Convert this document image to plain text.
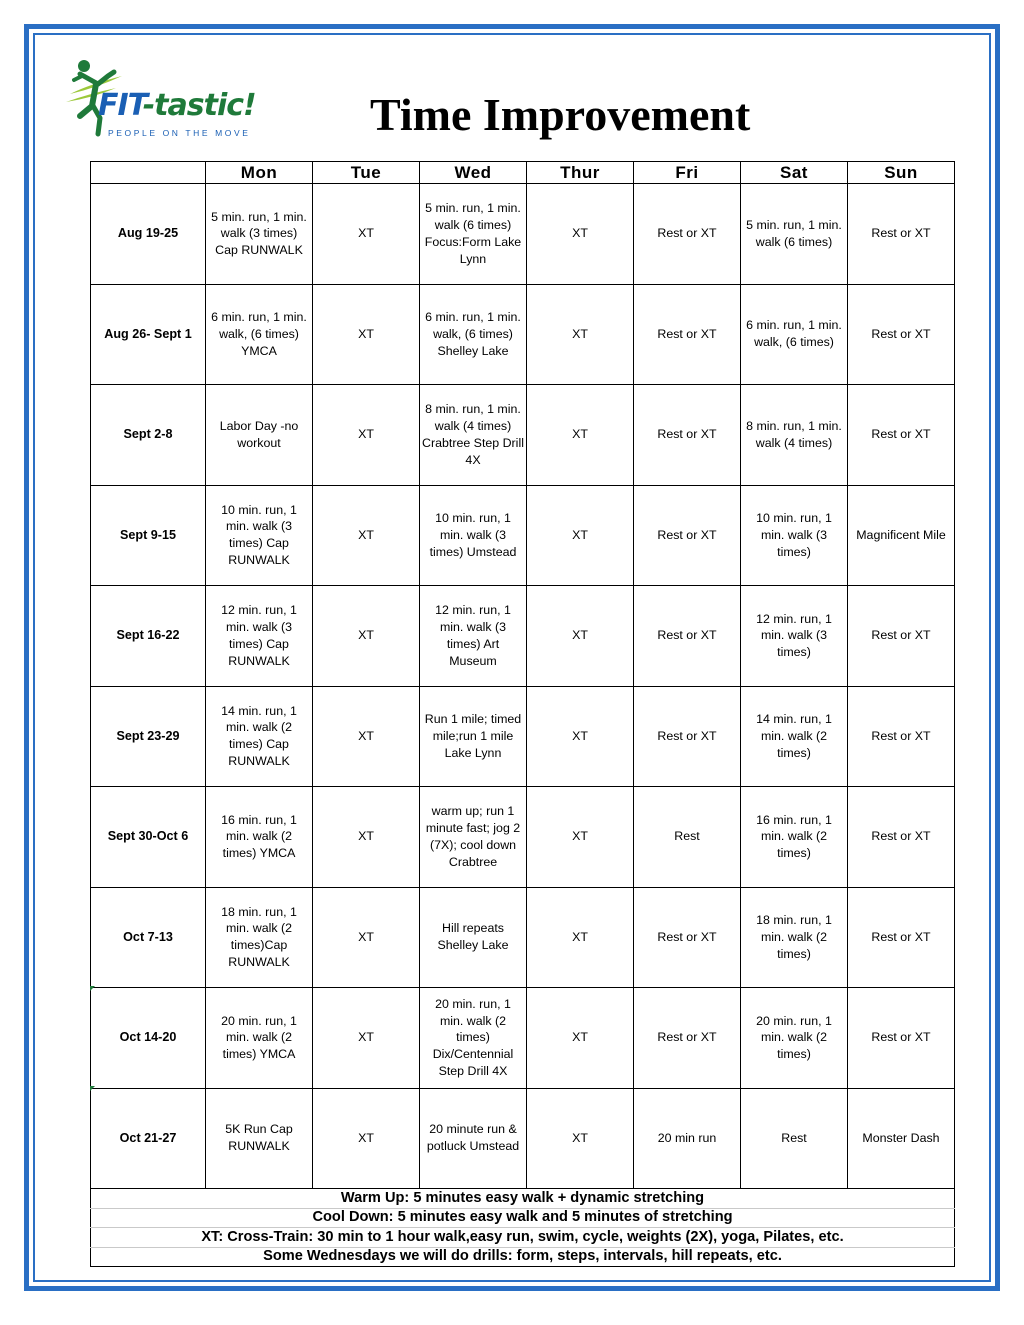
FIT-tastic!
PEOPLE ON THE MOVE	Time Improvement
	Mon	Tue	Wed	Thur	Fri	Sat	Sun
Aug 19-25	5 min. run, 1 min. walk (3 times) Cap RUNWALK	XT	5 min. run, 1 min. walk (6 times) Focus:Form Lake Lynn	XT	Rest or XT	5 min. run, 1 min. walk (6 times)	Rest or XT
Aug 26- Sept 1	6 min. run, 1 min. walk, (6 times) YMCA	XT	6 min. run, 1 min. walk, (6 times) Shelley Lake	XT	Rest or XT	6 min. run, 1 min. walk, (6 times)	Rest or XT
Sept 2-8	Labor Day -no workout	XT	8 min. run, 1 min. walk (4 times) Crabtree Step Drill 4X	XT	Rest or XT	8 min. run, 1 min. walk (4 times)	Rest or XT
Sept 9-15	10 min. run, 1 min. walk (3 times) Cap RUNWALK	XT	10 min. run, 1 min. walk (3 times) Umstead	XT	Rest or XT	10 min. run, 1 min. walk (3 times)	Magnificent Mile
Sept 16-22	12 min. run, 1 min. walk (3 times) Cap RUNWALK	XT	12 min. run, 1 min. walk (3 times) Art Museum	XT	Rest or XT	12 min. run, 1 min. walk (3 times)	Rest or XT
Sept 23-29	14 min. run, 1 min. walk (2 times) Cap RUNWALK	XT	Run 1 mile; timed mile;run 1 mile Lake Lynn	XT	Rest or XT	14 min. run, 1 min. walk (2 times)	Rest or XT
Sept 30-Oct 6	16 min. run, 1 min. walk (2 times) YMCA	XT	warm up; run 1 minute fast; jog 2 (7X); cool down Crabtree	XT	Rest	16 min. run, 1 min. walk (2 times)	Rest or XT
Oct 7-13	18 min. run, 1 min. walk (2 times)Cap RUNWALK	XT	Hill repeats Shelley Lake	XT	Rest or XT	18 min. run, 1 min. walk (2 times)	Rest or XT
Oct 14-20	20 min. run, 1 min. walk (2 times) YMCA	XT	20 min. run, 1 min. walk (2 times) Dix/Centennial Step Drill 4X	XT	Rest or XT	20 min. run, 1 min. walk (2 times)	Rest or XT
Oct 21-27	5K Run Cap RUNWALK	XT	20 minute run & potluck Umstead	XT	20 min run	Rest	Monster Dash
Warm Up: 5 minutes easy walk + dynamic stretching							
Cool Down: 5 minutes easy walk and 5 minutes of stretching							
XT: Cross-Train: 30 min to 1 hour walk,easy run, swim, cycle, weights (2X), yoga, Pilates, etc.							
Some Wednesdays we will do drills: form, steps, intervals, hill repeats, etc.							
